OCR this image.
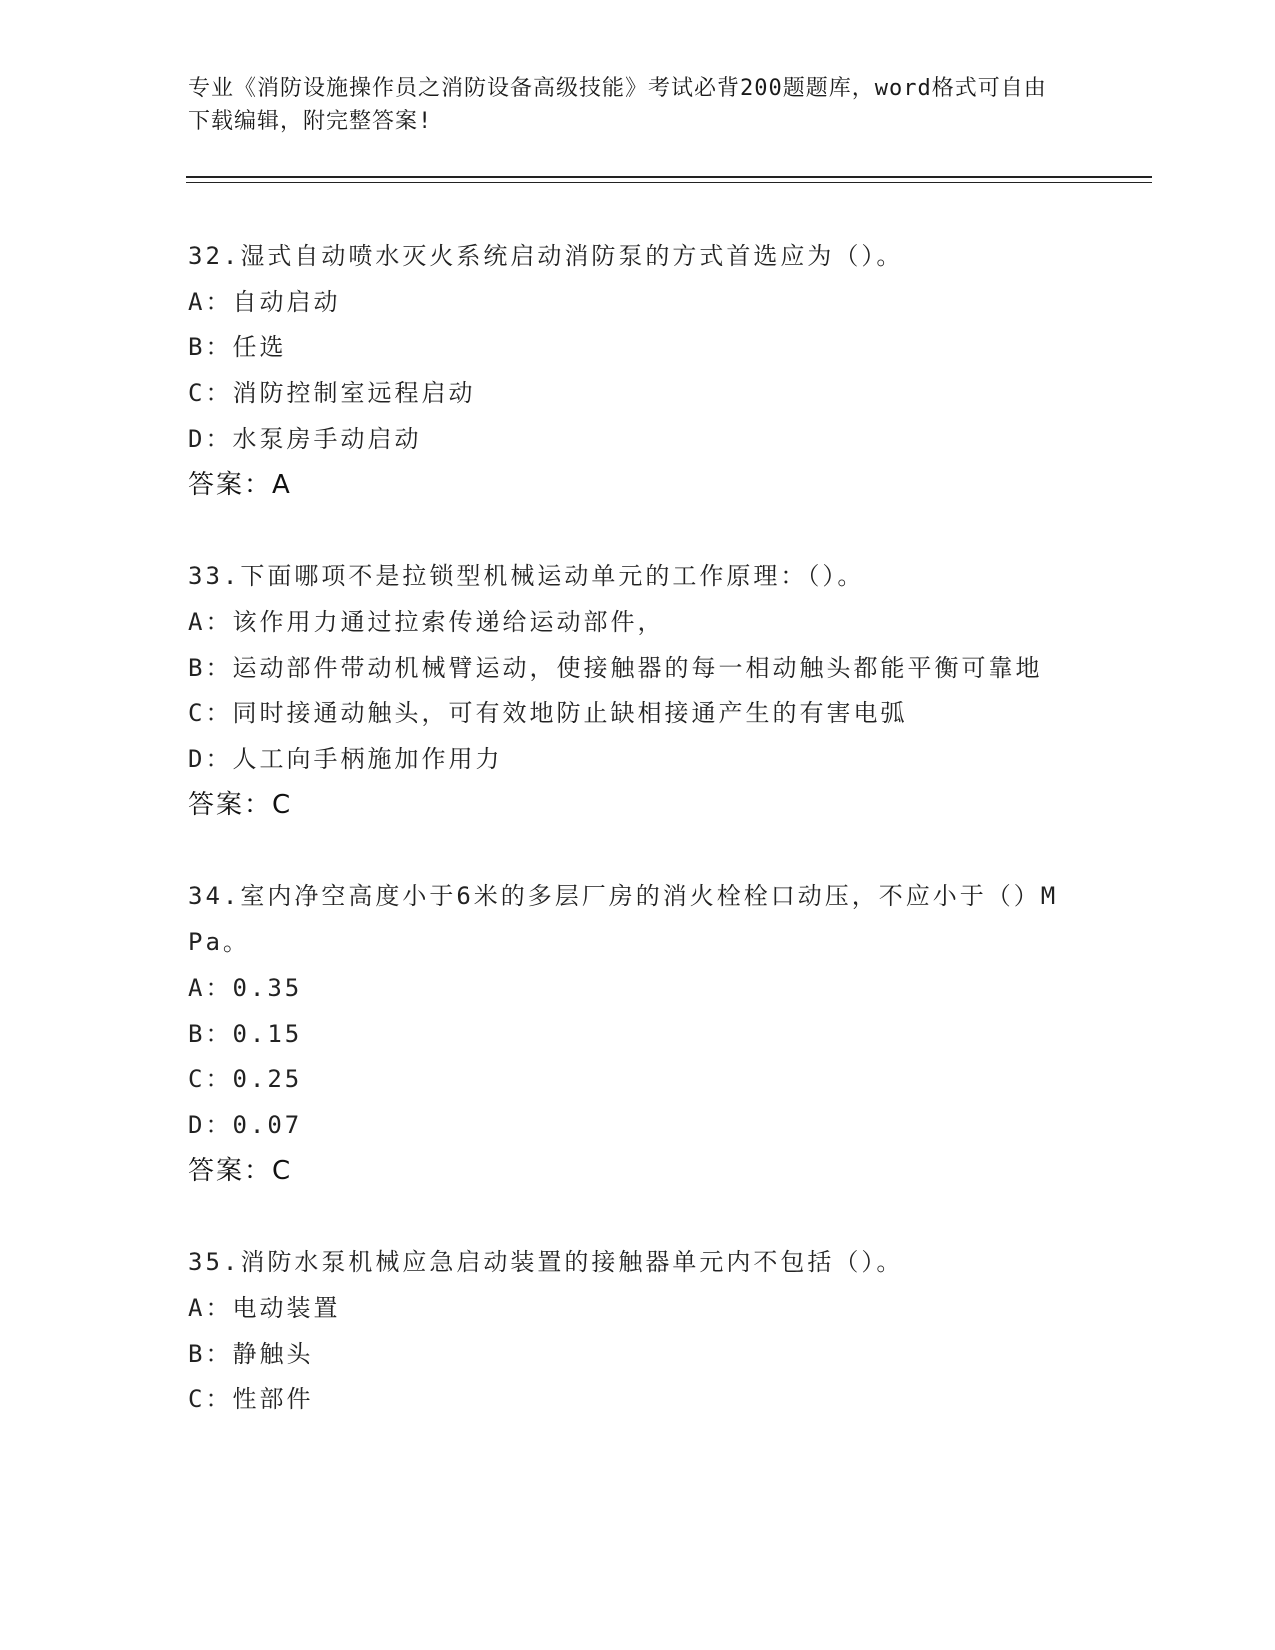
专业《消防设施操作员之消防设备高级技能》考试必背200题题库，word格式可自由下载编辑，附完整答案!
32.湿式自动喷水灭火系统启动消防泵的方式首选应为（）。
A：自动启动
B：任选
C：消防控制室远程启动
D：水泵房手动启动
答案：A
33.下面哪项不是拉锁型机械运动单元的工作原理：（）。
A：该作用力通过拉索传递给运动部件，
B：运动部件带动机械臂运动，使接触器的每一相动触头都能平衡可靠地
C：同时接通动触头，可有效地防止缺相接通产生的有害电弧
D：人工向手柄施加作用力
答案：C
34.室内净空高度小于6米的多层厂房的消火栓栓口动压，不应小于（）MPa。
A：0.35
B：0.15
C：0.25
D：0.07
答案：C
35.消防水泵机械应急启动装置的接触器单元内不包括（）。
A：电动装置
B：静触头
C：性部件
